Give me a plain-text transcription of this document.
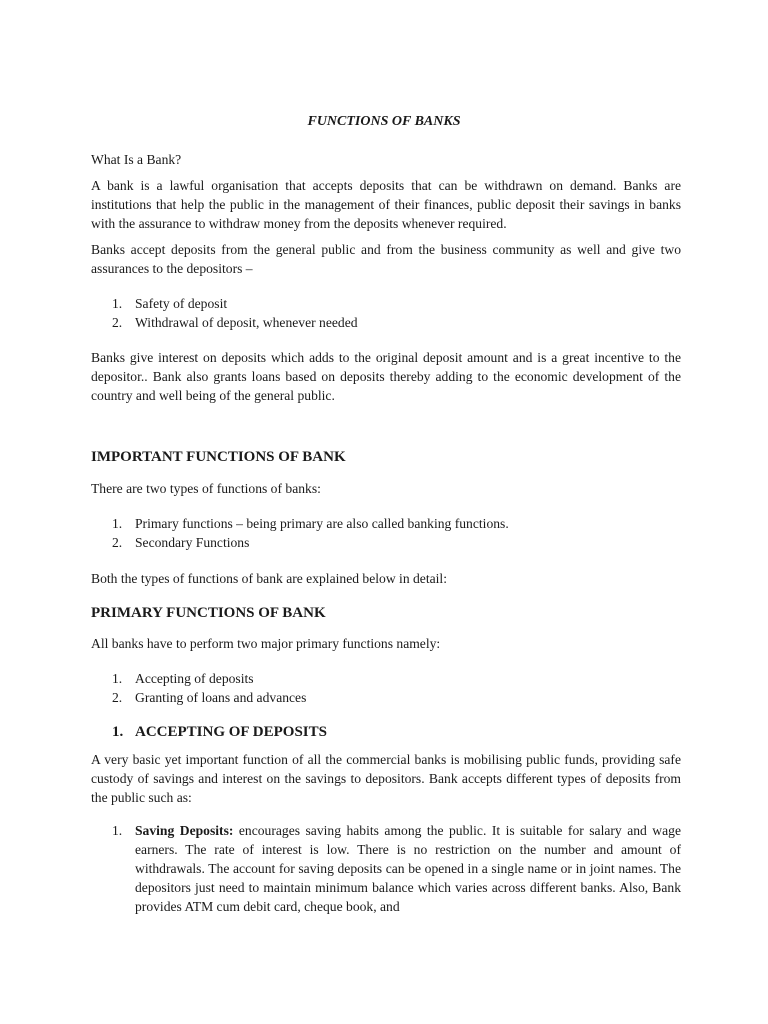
FUNCTIONS OF BANKS

What Is a Bank?

A bank is a lawful organisation that accepts deposits that can be withdrawn on demand. Banks are institutions that help the public in the management of their finances, public deposit their savings in banks with the assurance to withdraw money from the deposits whenever required.

Banks accept deposits from the general public and from the business community as well and give two assurances to the depositors –

1. Safety of deposit
2. Withdrawal of deposit, whenever needed

Banks give interest on deposits which adds to the original deposit amount and is a great incentive to the depositor.. Bank also grants loans based on deposits thereby adding to the economic development of the country and well being of the general public.

IMPORTANT FUNCTIONS OF BANK

There are two types of functions of banks:

1. Primary functions – being primary are also called banking functions.
2. Secondary Functions

Both the types of functions of bank are explained below in detail:

PRIMARY FUNCTIONS OF BANK

All banks have to perform two major primary functions namely:

1. Accepting of deposits
2. Granting of loans and advances
1. ACCEPTING OF DEPOSITS

A very basic yet important function of all the commercial banks is mobilising public funds, providing safe custody of savings and interest on the savings to depositors. Bank accepts different types of deposits from the public such as:

1. Saving Deposits: encourages saving habits among the public. It is suitable for salary and wage earners. The rate of interest is low. There is no restriction on the number and amount of withdrawals. The account for saving deposits can be opened in a single name or in joint names. The depositors just need to maintain minimum balance which varies across different banks. Also, Bank provides ATM cum debit card, cheque book, and
